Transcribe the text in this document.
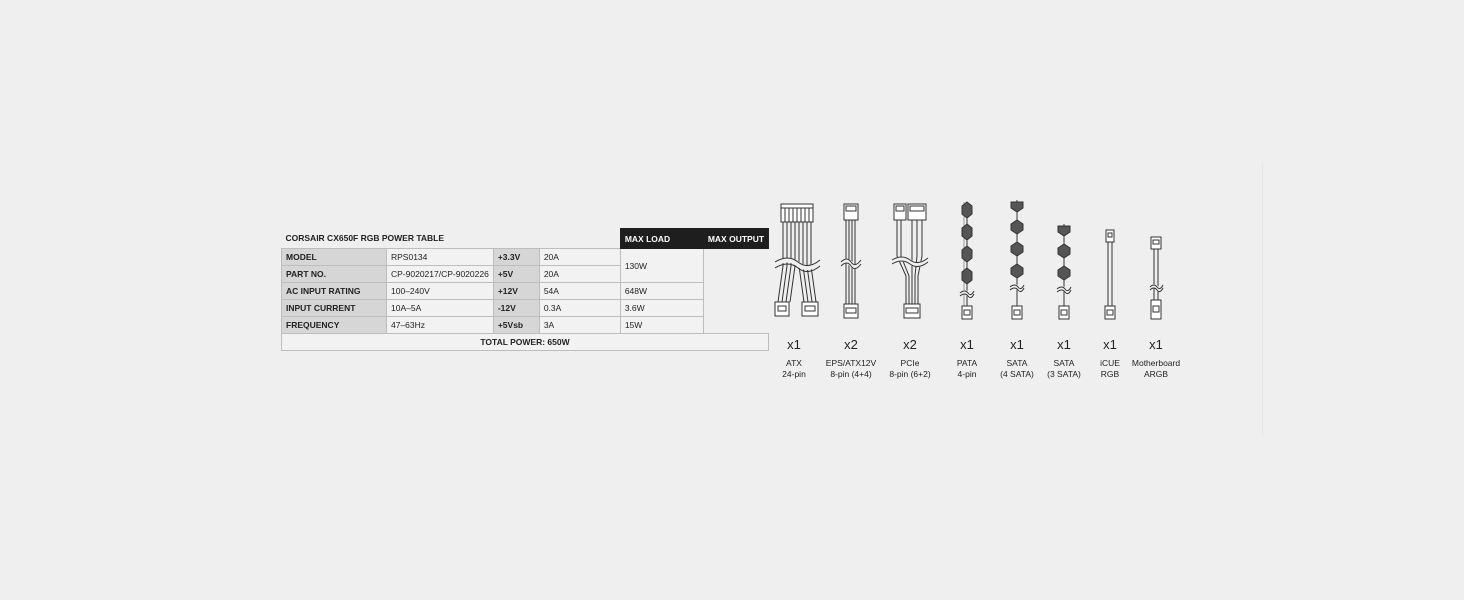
CORSAIR CX650F RGB POWER TABLE				MAX LOAD	MAX OUTPUT
MODEL	RPS0134	+3.3V	20A	130W	
PART NO.	CP-9020217/CP-9020226	+5V	20A		
AC INPUT RATING	100–240V	+12V	54A	648W	
INPUT CURRENT	10A–5A	-12V	0.3A	3.6W	
FREQUENCY	47–63Hz	+5Vsb	3A	15W	
TOTAL POWER: 650W						x1
ATX
24-pin
x2
EPS/ATX12V
8-pin (4+4)
x2
PCIe
8-pin (6+2)
x1
PATA
4-pin
x1
SATA
(4 SATA)
x1
SATA
(3 SATA)
x1
iCUE
RGB
x1
Motherboard
ARGB
